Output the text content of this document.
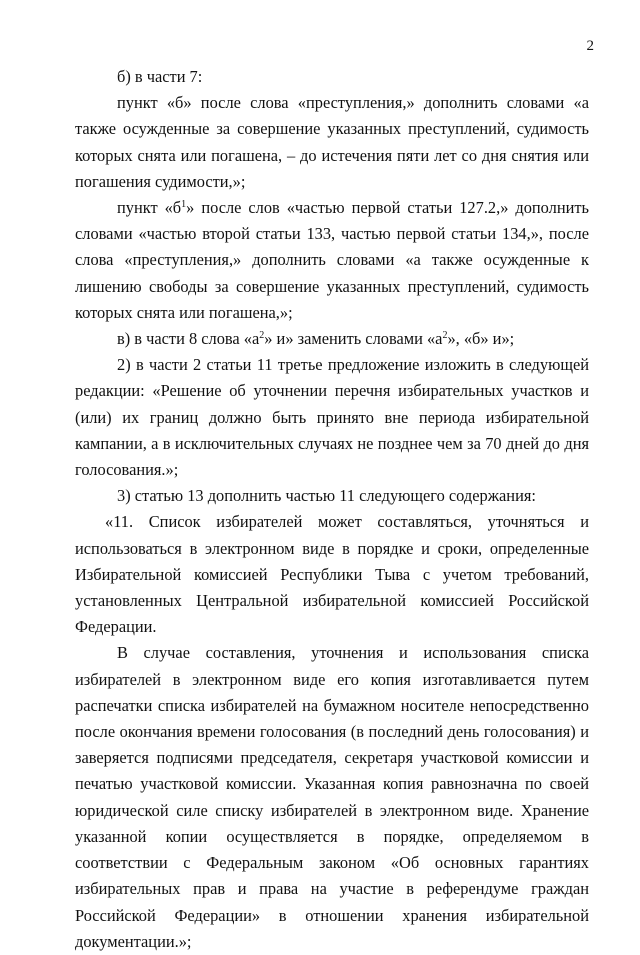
2

б) в части 7:

пункт «б» после слова «преступления,» дополнить словами «а также осужденные за совершение указанных преступлений, судимость которых снята или погашена, – до истечения пяти лет со дня снятия или погашения судимости,»;

пункт «$б^1$» после слов «частью первой статьи 127.2,» дополнить словами «частью второй статьи 133, частью первой статьи 134,», после слова «преступления,» дополнить словами «а также осужденные к лишению свободы за совершение указанных преступлений, судимость которых снята или погашена,»;

в) в части 8 слова «$а^2$» и» заменить словами «$а^2$», «б» и»;

2) в части 2 статьи 11 третье предложение изложить в следующей редакции: «Решение об уточнении перечня избирательных участков и (или) их границ должно быть принято вне периода избирательной кампании, а в исключительных случаях не позднее чем за 70 дней до дня голосования.»;

3) статью 13 дополнить частью 11 следующего содержания:

«11. Список избирателей может составляться, уточняться и использоваться в электронном виде в порядке и сроки, определенные Избирательной комиссией Республики Тыва с учетом требований, установленных Центральной избирательной комиссией Российской Федерации.

В случае составления, уточнения и использования списка избирателей в электронном виде его копия изготавливается путем распечатки списка избирателей на бумажном носителе непосредственно после окончания времени голосования (в последний день голосования) и заверяется подписями председателя, секретаря участковой комиссии и печатью участковой комиссии. Указанная копия равнозначна по своей юридической силе списку избирателей в электронном виде. Хранение указанной копии осуществляется в порядке, определяемом в соответствии с Федеральным законом «Об основных гарантиях избирательных прав и права на участие в референдуме граждан Российской Федерации» в отношении хранения избирательной документации.»;
